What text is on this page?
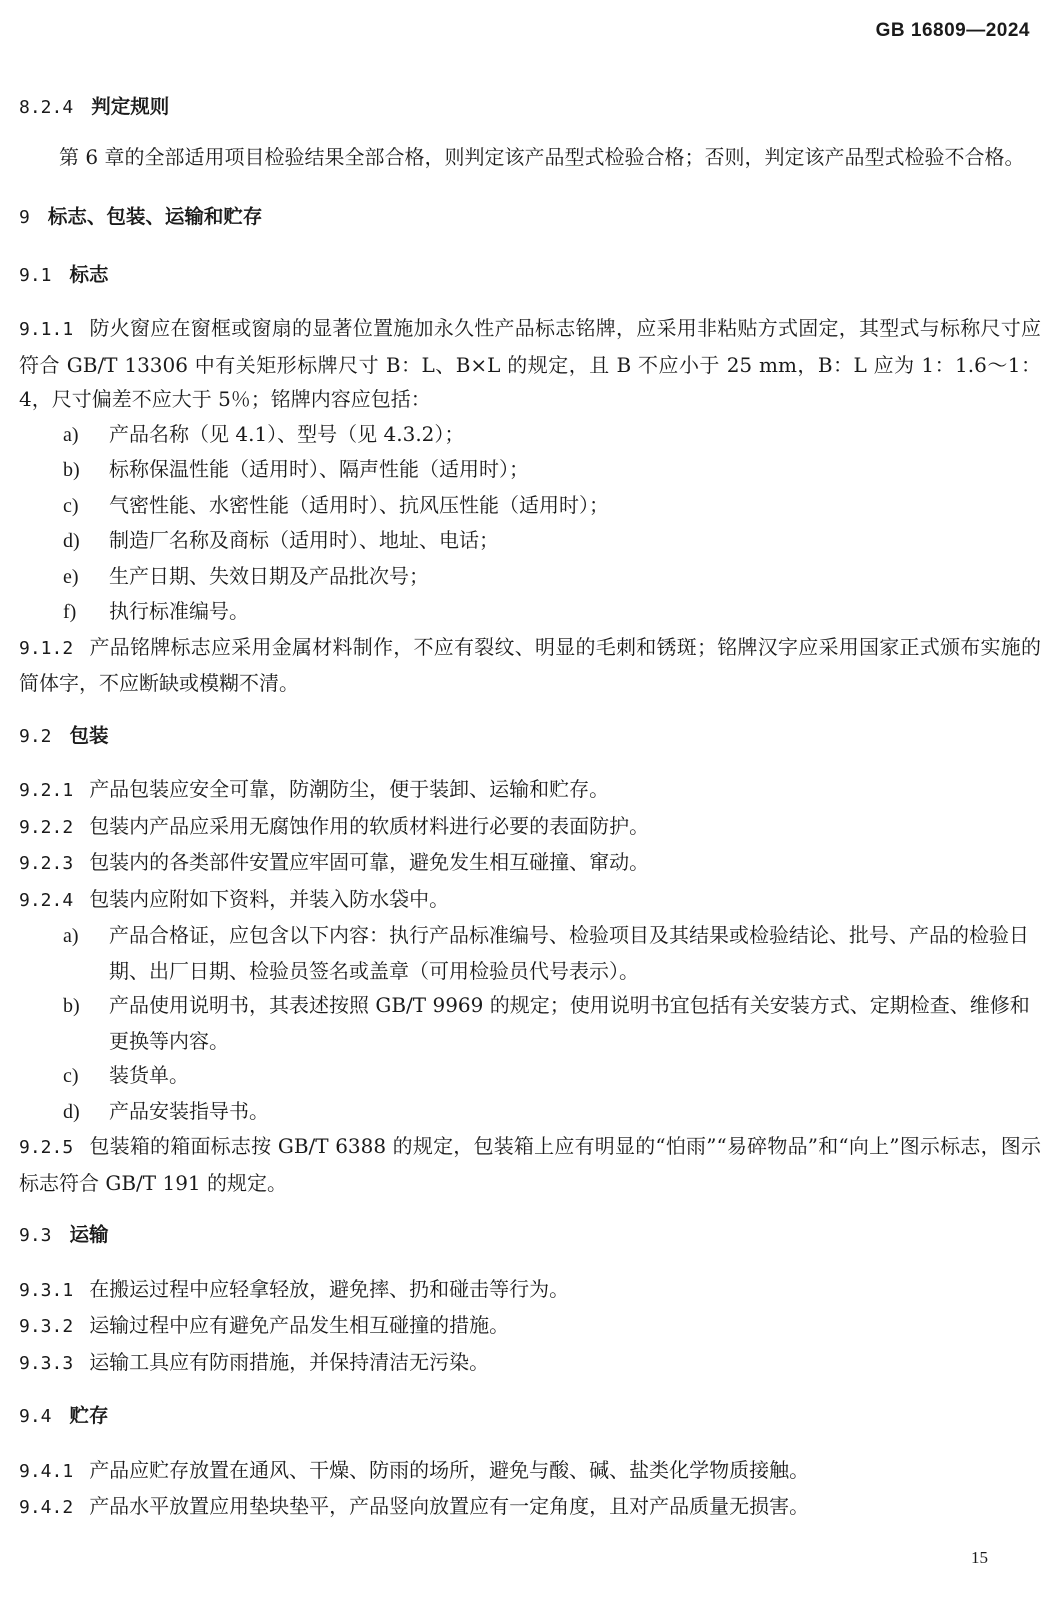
GB 16809—2024
8.2.4 判定规则
第 6 章的全部适用项目检验结果全部合格，则判定该产品型式检验合格；否则，判定该产品型式检验不合格。
9 标志、包装、运输和贮存
9.1 标志
9.1.1 防火窗应在窗框或窗扇的显著位置施加永久性产品标志铭牌，应采用非粘贴方式固定，其型式与标称尺寸应符合 GB/T 13306 中有关矩形标牌尺寸 B：L、B×L 的规定，且 B 不应小于 25 mm，B：L 应为 1：1.6～1：4，尺寸偏差不应大于 5％；铭牌内容应包括：
a) 产品名称（见 4.1）、型号（见 4.3.2）；
b) 标称保温性能（适用时）、隔声性能（适用时）；
c) 气密性能、水密性能（适用时）、抗风压性能（适用时）；
d) 制造厂名称及商标（适用时）、地址、电话；
e) 生产日期、失效日期及产品批次号；
f) 执行标准编号。
9.1.2 产品铭牌标志应采用金属材料制作，不应有裂纹、明显的毛刺和锈斑；铭牌汉字应采用国家正式颁布实施的简体字，不应断缺或模糊不清。
9.2 包装
9.2.1 产品包装应安全可靠，防潮防尘，便于装卸、运输和贮存。
9.2.2 包装内产品应采用无腐蚀作用的软质材料进行必要的表面防护。
9.2.3 包装内的各类部件安置应牢固可靠，避免发生相互碰撞、窜动。
9.2.4 包装内应附如下资料，并装入防水袋中。
a) 产品合格证，应包含以下内容：执行产品标准编号、检验项目及其结果或检验结论、批号、产品的检验日期、出厂日期、检验员签名或盖章（可用检验员代号表示）。
b) 产品使用说明书，其表述按照 GB/T 9969 的规定；使用说明书宜包括有关安装方式、定期检查、维修和更换等内容。
c) 装货单。
d) 产品安装指导书。
9.2.5 包装箱的箱面标志按 GB/T 6388 的规定，包装箱上应有明显的“怕雨”“易碎物品”和“向上”图示标志，图示标志符合 GB/T 191 的规定。
9.3 运输
9.3.1 在搬运过程中应轻拿轻放，避免摔、扔和碰击等行为。
9.3.2 运输过程中应有避免产品发生相互碰撞的措施。
9.3.3 运输工具应有防雨措施，并保持清洁无污染。
9.4 贮存
9.4.1 产品应贮存放置在通风、干燥、防雨的场所，避免与酸、碱、盐类化学物质接触。
9.4.2 产品水平放置应用垫块垫平，产品竖向放置应有一定角度，且对产品质量无损害。
15
